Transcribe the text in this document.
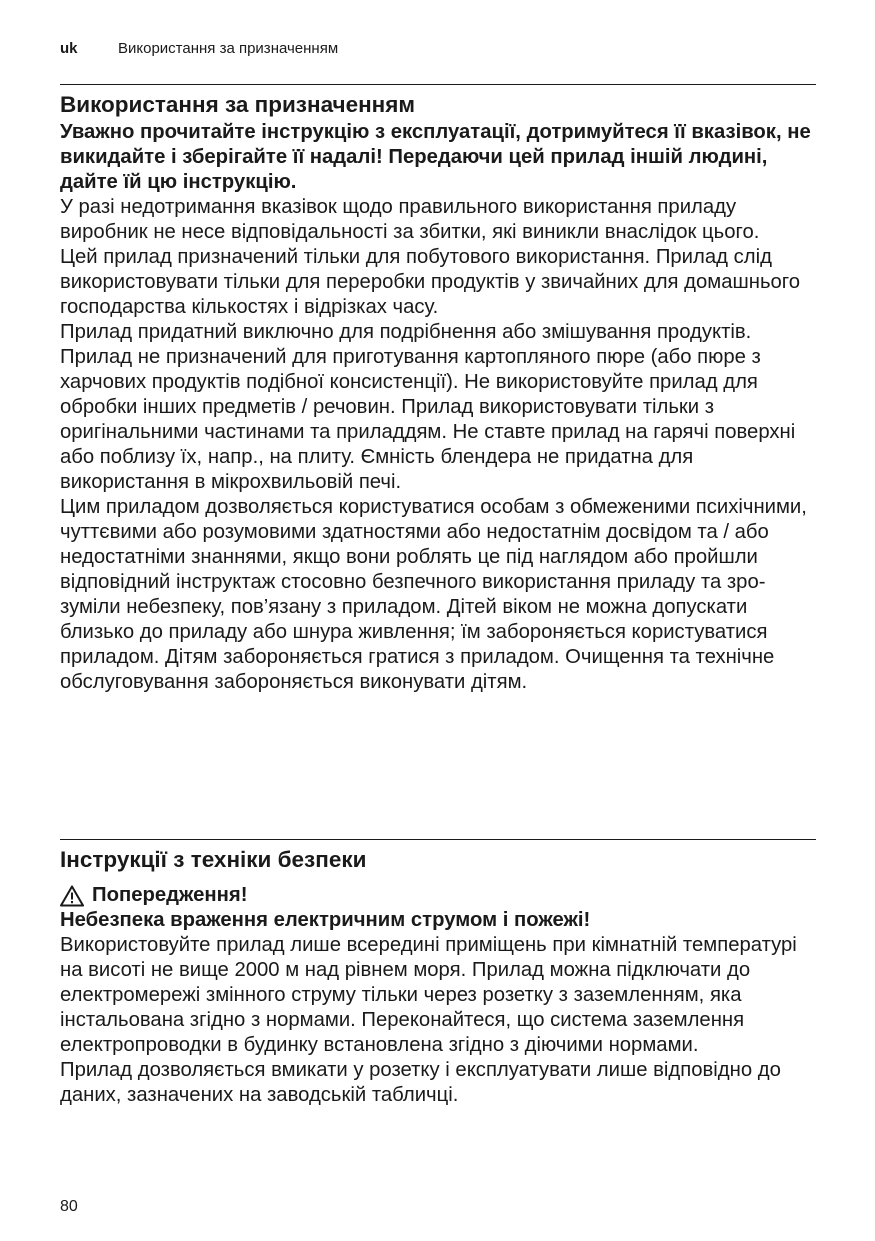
uk	Використання за призначенням
Використання за призначенням

Уважно прочитайте інструкцію з експлуатації, дотримуйтеся її вказівок, не викидайте і зберігайте її надалі! Передаючи цей прилад іншій людині, дайте їй цю інструкцію.

У разі недотримання вказівок щодо правильного використання приладу виробник не несе відповідальності за збитки, які виникли внаслідок цього.

Цей прилад призначений тільки для побутового використання. Прилад слід використовувати тільки для переробки продуктів у звичайних для домашнього господарства кількостях і відрізках часу.

Прилад придатний виключно для подрібнення або змішування продуктів. Прилад не призначений для приготування картопляного пюре (або пюре з харчових продуктів подібної консистенції). Не використовуйте прилад для обробки інших предметів / речовин. Прилад використовувати тільки з оригінальними частинами та приладдям. Не ставте прилад на гарячі поверхні або поблизу їх, напр., на плиту. Ємність блендера не придатна для використання в мікрохвильовій печі.

Цим приладом дозволяється користуватися особам з обмеженими психічними, чуттєвими або розумовими здатностями або недостатнім досвідом та / або недостатніми знаннями, якщо вони роблять це під наглядом або пройшли відповідний інструктаж стосовно безпечного використання приладу та зрозуміли небезпеку, пов’язану з приладом. Дітей віком не можна допускати близько до приладу або шнура живлення; їм забороняється користуватися приладом. Дітям забороняється гратися з приладом. Очищення та технічне обслуговування забороняється виконувати дітям.

Інструкції з техніки безпеки
Попередження!

Небезпека враження електричним струмом і пожежі!

Використовуйте прилад лише всередині приміщень при кімнатній температурі на висоті не вище 2000 м над рівнем моря. Прилад можна підключати до електромережі змінного струму тільки через розетку з заземленням, яка інстальована згідно з нормами. Переконайтеся, що система заземлення електропроводки в будинку встановлена згідно з діючими нормами.

Прилад дозволяється вмикати у розетку і експлуатувати лише відповідно до даних, зазначених на заводській табличці.

80
